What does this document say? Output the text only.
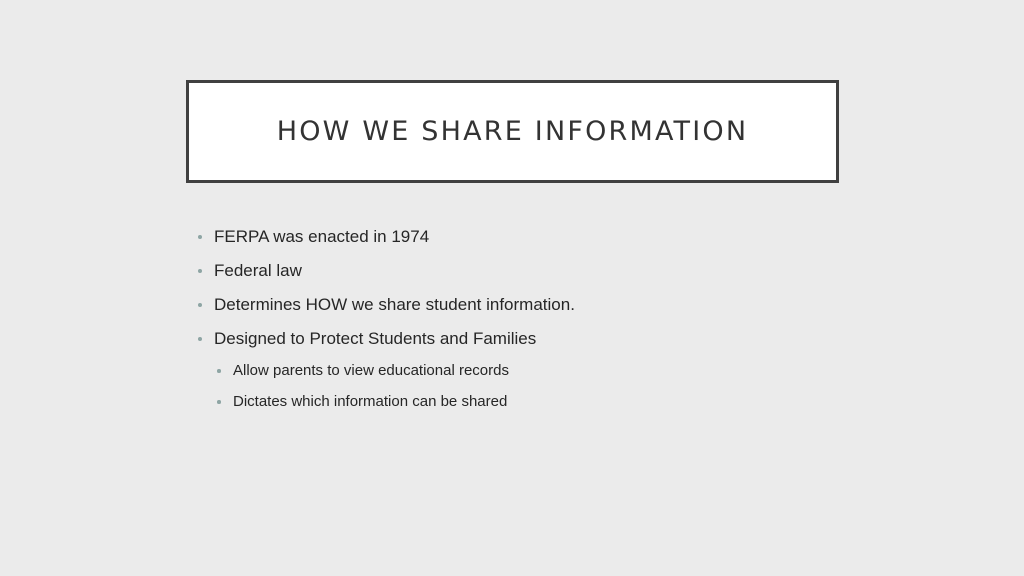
HOW WE SHARE INFORMATION
FERPA was enacted in 1974
Federal law
Determines HOW we share student information.
Designed to Protect Students and Families
Allow parents to view educational records
Dictates which information can be shared
